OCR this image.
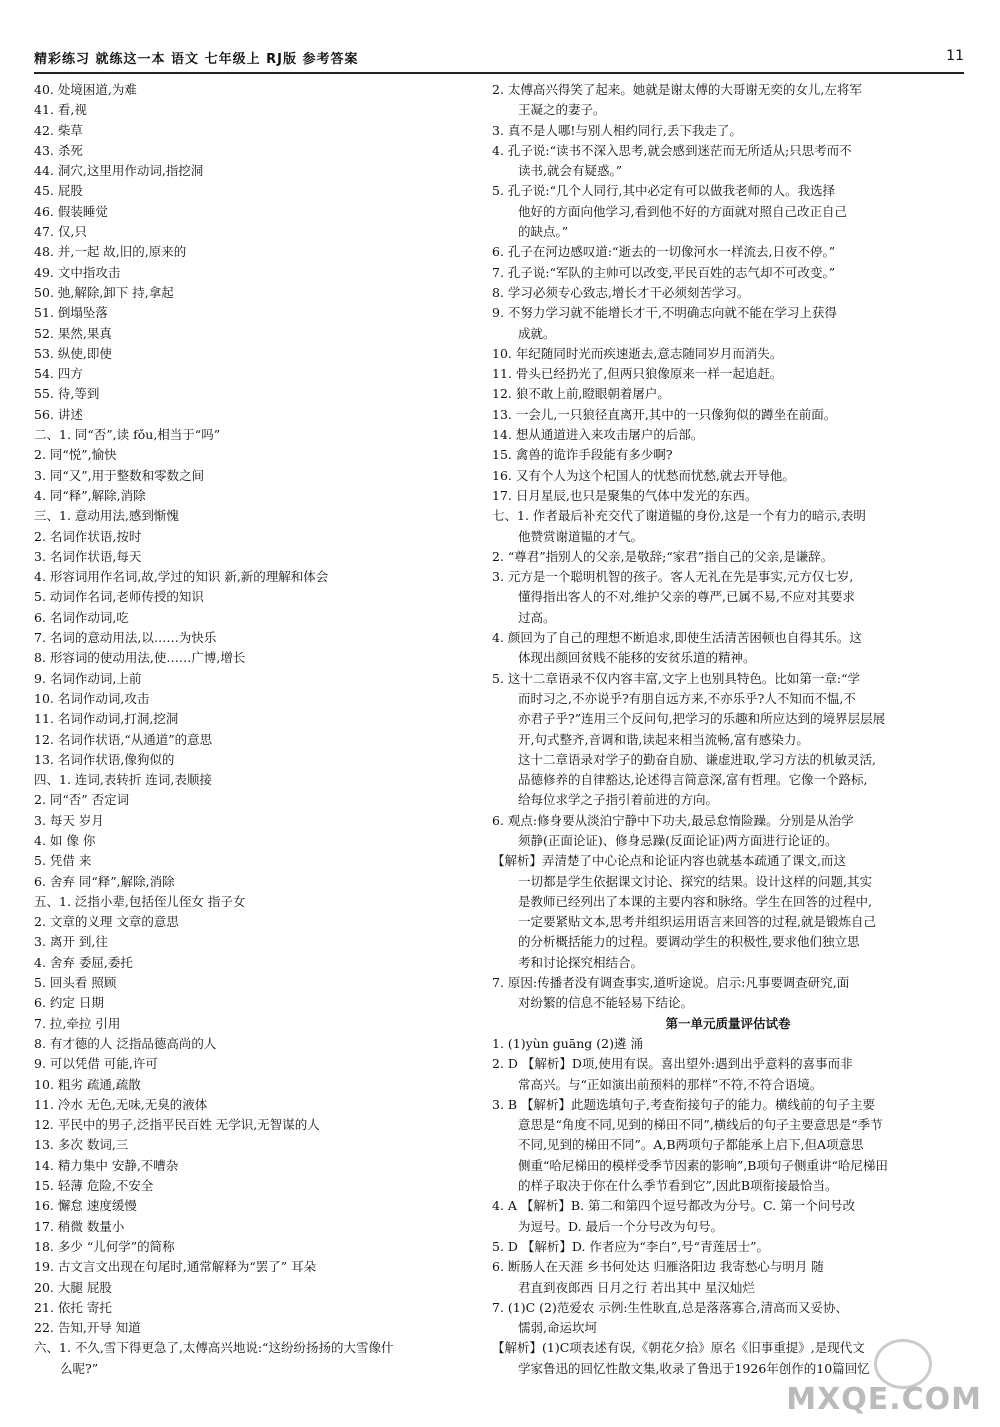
精彩练习 就练这一本 语文 七年级上 RJ版 参考答案	11
40. 处境困道,为难
41. 看,视
42. 柴草
43. 杀死
44. 洞穴,这里用作动词,指挖洞
45. 屁股
46. 假装睡觉
47. 仅,只
48. 并,一起 故,旧的,原来的
49. 文中指攻击
50. 弛,解除,卸下 持,拿起
51. 倒塌坠落
52. 果然,果真
53. 纵使,即使
54. 四方
55. 待,等到
56. 讲述
二、1. 同“否”,读 fǒu,相当于“吗”
2. 同“悦”,愉快
3. 同“又”,用于整数和零数之间
4. 同“释”,解除,消除
三、1. 意动用法,感到惭愧
2. 名词作状语,按时
3. 名词作状语,每天
4. 形容词用作名词,故,学过的知识 新,新的理解和体会
5. 动词作名词,老师传授的知识
6. 名词作动词,吃
7. 名词的意动用法,以……为快乐
8. 形容词的使动用法,使……广博,增长
9. 名词作动词,上前
10. 名词作动词,攻击
11. 名词作动词,打洞,挖洞
12. 名词作状语,“从通道”的意思
13. 名词作状语,像狗似的
四、1. 连词,表转折 连词,表顺接
2. 同“否” 否定词
3. 每天 岁月
4. 如 像 你
5. 凭借 来
6. 舍弃 同“释”,解除,消除
五、1. 泛指小辈,包括侄儿侄女 指子女
2. 文章的义理 文章的意思
3. 离开 到,往
4. 舍弃 委屈,委托
5. 回头看 照顾
6. 约定 日期
7. 拉,牵拉 引用
8. 有才德的人 泛指品德高尚的人
9. 可以凭借 可能,许可
10. 粗劣 疏通,疏散
11. 冷水 无色,无味,无臭的液体
12. 平民中的男子,泛指平民百姓 无学识,无智谋的人
13. 多次 数词,三
14. 精力集中 安静,不嘈杂
15. 轻薄 危险,不安全
16. 懈怠 速度缓慢
17. 稍微 数量小
18. 多少 “儿何学”的简称
19. 古文言文出现在句尾时,通常解释为“罢了” 耳朵
20. 大腿 屁股
21. 依托 寄托
22. 告知,开导 知道
六、1. 不久,雪下得更急了,太傅高兴地说:“这纷纷扬扬的大雪像什
么呢?”
2. 太傅高兴得笑了起来。她就是谢太傅的大哥谢无奕的女儿,左将军
王凝之的妻子。
3. 真不是人哪!与别人相约同行,丢下我走了。
4. 孔子说:“读书不深入思考,就会感到迷茫而无所适从;只思考而不
读书,就会有疑惑。”
5. 孔子说:“几个人同行,其中必定有可以做我老师的人。我选择
他好的方面向他学习,看到他不好的方面就对照自己改正自己
的缺点。”
6. 孔子在河边感叹道:“逝去的一切像河水一样流去,日夜不停。”
7. 孔子说:“军队的主帅可以改变,平民百姓的志气却不可改变。”
8. 学习必须专心致志,增长才干必须刻苦学习。
9. 不努力学习就不能增长才干,不明确志向就不能在学习上获得
成就。
10. 年纪随同时光而疾速逝去,意志随同岁月而消失。
11. 骨头已经扔光了,但两只狼像原来一样一起追赶。
12. 狼不敢上前,瞪眼朝着屠户。
13. 一会儿,一只狼径直离开,其中的一只像狗似的蹲坐在前面。
14. 想从通道进入来攻击屠户的后部。
15. 禽兽的诡诈手段能有多少啊?
16. 又有个人为这个杞国人的忧愁而忧愁,就去开导他。
17. 日月星辰,也只是聚集的气体中发光的东西。
七、1. 作者最后补充交代了谢道韫的身份,这是一个有力的暗示,表明
他赞赏谢道韫的才气。
2. “尊君”指别人的父亲,是敬辞;“家君”指自己的父亲,是谦辞。
3. 元方是一个聪明机智的孩子。客人无礼在先是事实,元方仅七岁,
懂得指出客人的不对,维护父亲的尊严,已属不易,不应对其要求
过高。
4. 颜回为了自己的理想不断追求,即使生活清苦困顿也自得其乐。这
体现出颜回贫贱不能移的安贫乐道的精神。
5. 这十二章语录不仅内容丰富,文字上也别具特色。比如第一章:“学
而时习之,不亦说乎?有朋自远方来,不亦乐乎?人不知而不愠,不
亦君子乎?”连用三个反问句,把学习的乐趣和所应达到的境界层层展
开,句式整齐,音调和谐,读起来相当流畅,富有感染力。
这十二章语录对学子的勤奋自励、谦虚进取,学习方法的机敏灵活,
品德修养的自律豁达,论述得言简意深,富有哲理。它像一个路标,
给每位求学之子指引着前进的方向。
6. 观点:修身要从淡泊宁静中下功夫,最忌怠惰险躁。分别是从治学
须静(正面论证)、修身忌躁(反面论证)两方面进行论证的。
【解析】弄清楚了中心论点和论证内容也就基本疏通了课文,而这
一切都是学生依据课文讨论、探究的结果。设计这样的问题,其实
是教师已经列出了本课的主要内容和脉络。学生在回答的过程中,
一定要紧贴文本,思考并组织运用语言来回答的过程,就是锻炼自己
的分析概括能力的过程。要调动学生的积极性,要求他们独立思
考和讨论探究相结合。
7. 原因:传播者没有调查事实,道听途说。启示:凡事要调查研究,面
对纷繁的信息不能轻易下结论。
第一单元质量评估试卷
1. (1)yùn guāng (2)遴 涌
2. D 【解析】D项,使用有误。喜出望外:遇到出乎意料的喜事而非
常高兴。与“正如演出前预料的那样”不符,不符合语境。
3. B 【解析】此题选填句子,考查衔接句子的能力。横线前的句子主要
意思是“角度不同,见到的梯田不同”,横线后的句子主要意思是“季节
不同,见到的梯田不同”。A,B两项句子都能承上启下,但A项意思
侧重“哈尼梯田的模样受季节因素的影响”,B项句子侧重讲“哈尼梯田
的样子取决于你在什么季节看到它”,因此B项衔接最恰当。
4. A 【解析】B. 第二和第四个逗号都改为分号。C. 第一个问号改
为逗号。D. 最后一个分号改为句号。
5. D 【解析】D. 作者应为“李白”,号“青莲居士”。
6. 断肠人在天涯 乡书何处达 归雁洛阳边 我寄愁心与明月 随
君直到夜郎西 日月之行 若出其中 星汉灿烂
7. (1)C (2)范爱农 示例:生性耿直,总是落落寡合,清高而又妥协、
懦弱,命运坎坷
【解析】(1)C项表述有误,《朝花夕拾》原名《旧事重提》,是现代文
学家鲁迅的回忆性散文集,收录了鲁迅于1926年创作的10篇回忆
MXQE.COM
